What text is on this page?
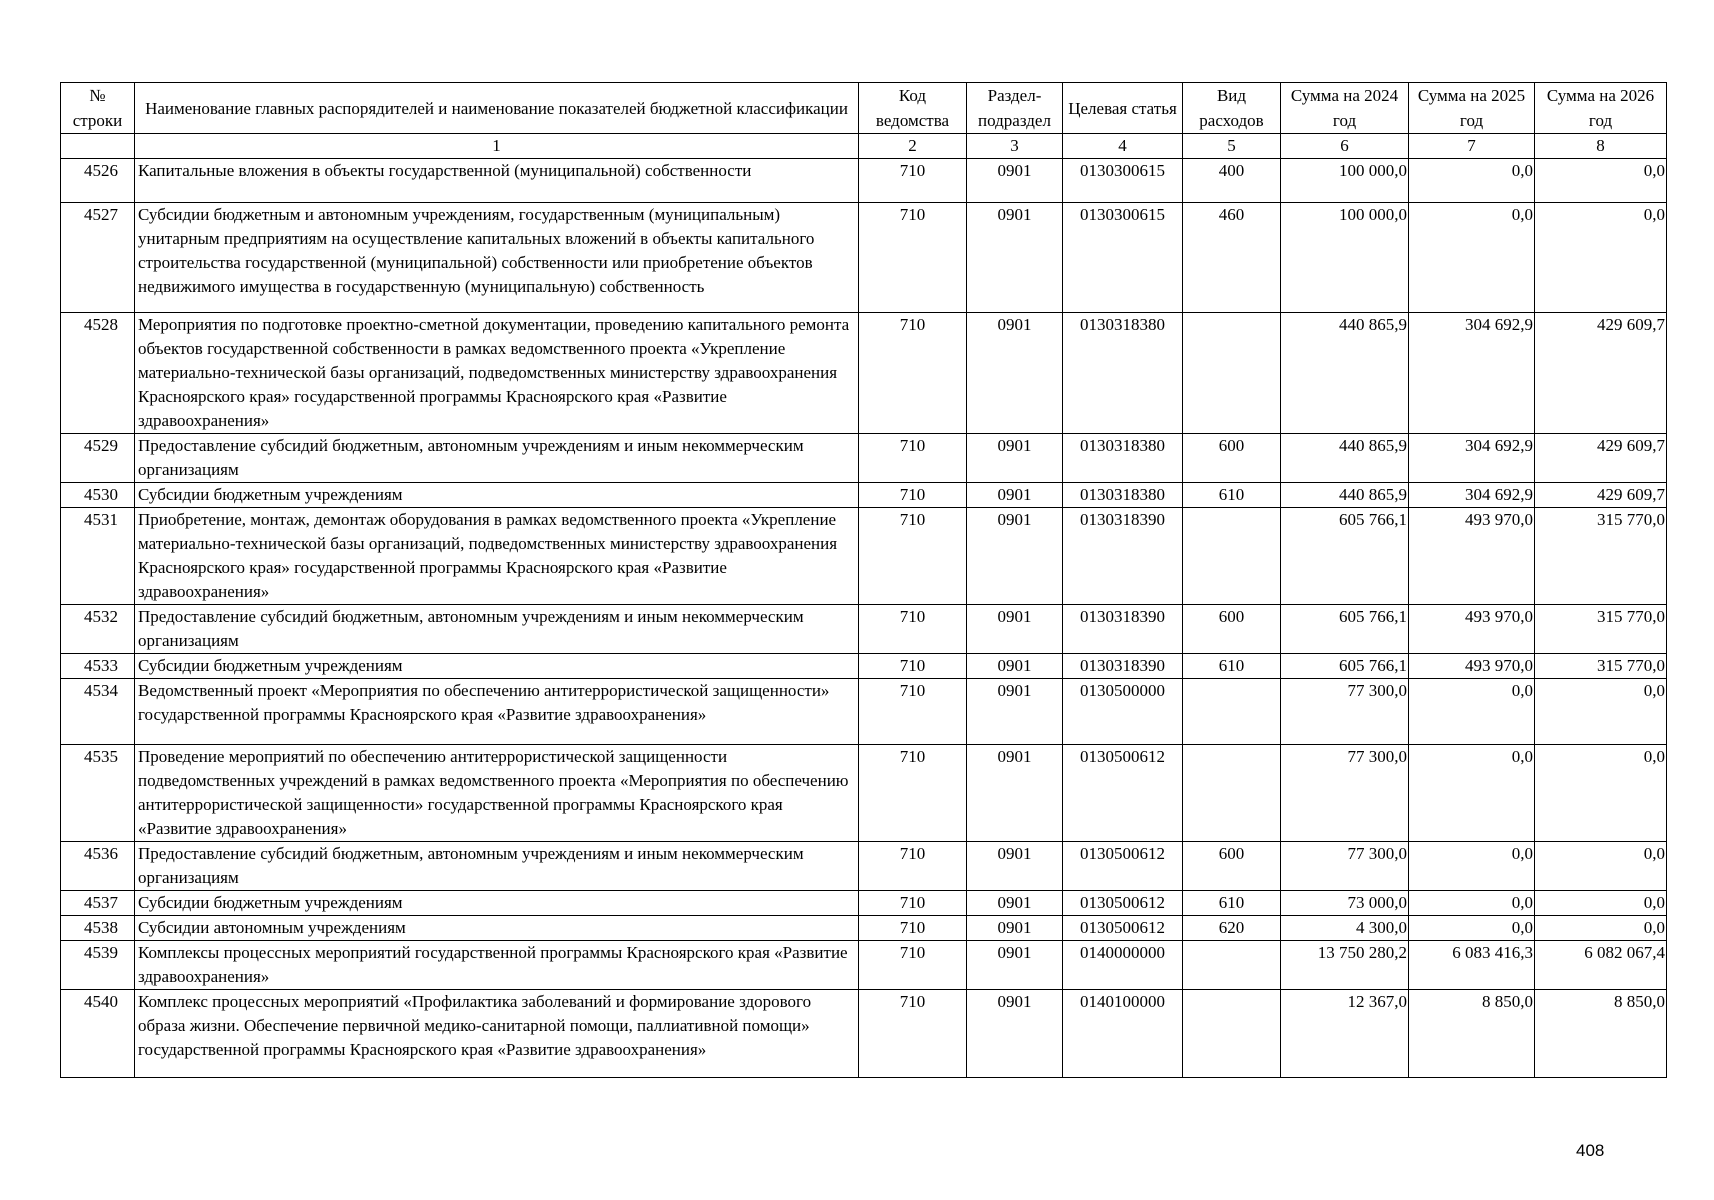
№ строки	Наименование главных распорядителей и наименование показателей бюджетной классификации	Код ведомства	Раздел-подраздел	Целевая статья	Вид расходов	Сумма на 2024 год	Сумма на 2025 год	Сумма на 2026 год
	1	2	3	4	5	6	7	8
4526	Капитальные вложения в объекты государственной (муниципальной) собственности	710	0901	0130300615	400	100 000,0	0,0	0,0
4527	Субсидии бюджетным и автономным учреждениям, государственным (муниципальным) унитарным предприятиям на осуществление капитальных вложений в объекты капитального строительства государственной (муниципальной) собственности или приобретение объектов недвижимого имущества в государственную (муниципальную) собственность	710	0901	0130300615	460	100 000,0	0,0	0,0
4528	Мероприятия по подготовке проектно-сметной документации, проведению капитального ремонта объектов государственной собственности в рамках ведомственного проекта «Укрепление материально-технической базы организаций, подведомственных министерству здравоохранения Красноярского края» государственной программы Красноярского края «Развитие здравоохранения»	710	0901	0130318380		440 865,9	304 692,9	429 609,7
4529	Предоставление субсидий бюджетным, автономным учреждениям и иным некоммерческим организациям	710	0901	0130318380	600	440 865,9	304 692,9	429 609,7
4530	Субсидии бюджетным учреждениям	710	0901	0130318380	610	440 865,9	304 692,9	429 609,7
4531	Приобретение, монтаж, демонтаж оборудования в рамках ведомственного проекта «Укрепление материально-технической базы организаций, подведомственных министерству здравоохранения Красноярского края» государственной программы Красноярского края «Развитие здравоохранения»	710	0901	0130318390		605 766,1	493 970,0	315 770,0
4532	Предоставление субсидий бюджетным, автономным учреждениям и иным некоммерческим организациям	710	0901	0130318390	600	605 766,1	493 970,0	315 770,0
4533	Субсидии бюджетным учреждениям	710	0901	0130318390	610	605 766,1	493 970,0	315 770,0
4534	Ведомственный проект «Мероприятия по обеспечению антитеррористической защищенности» государственной программы Красноярского края «Развитие здравоохранения»	710	0901	0130500000		77 300,0	0,0	0,0
4535	Проведение мероприятий по обеспечению антитеррористической защищенности подведомственных учреждений в рамках ведомственного проекта «Мероприятия по обеспечению антитеррористической защищенности» государственной программы Красноярского края «Развитие здравоохранения»	710	0901	0130500612		77 300,0	0,0	0,0
4536	Предоставление субсидий бюджетным, автономным учреждениям и иным некоммерческим организациям	710	0901	0130500612	600	77 300,0	0,0	0,0
4537	Субсидии бюджетным учреждениям	710	0901	0130500612	610	73 000,0	0,0	0,0
4538	Субсидии автономным учреждениям	710	0901	0130500612	620	4 300,0	0,0	0,0
4539	Комплексы процессных мероприятий государственной программы Красноярского края «Развитие здравоохранения»	710	0901	0140000000		13 750 280,2	6 083 416,3	6 082 067,4
4540	Комплекс процессных мероприятий «Профилактика заболеваний и формирование здорового образа жизни. Обеспечение первичной медико-санитарной помощи, паллиативной помощи» государственной программы Красноярского края «Развитие здравоохранения»	710	0901	0140100000		12 367,0	8 850,0	8 850,0
408
